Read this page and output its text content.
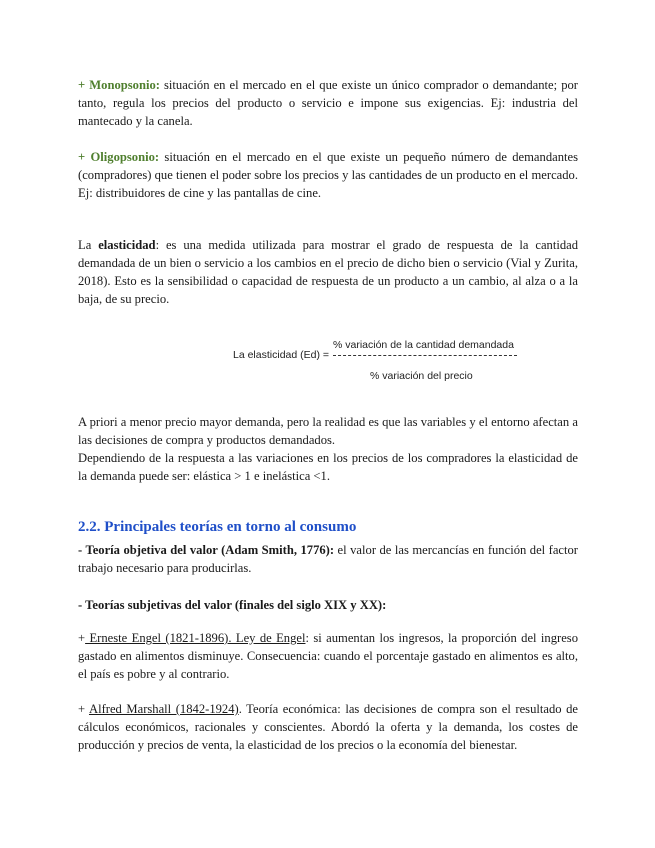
+ Monopsonio: situación en el mercado en el que existe un único comprador o demandante; por tanto, regula los precios del producto o servicio e impone sus exigencias. Ej: industria del mantecado y la canela.

+ Oligopsonio: situación en el mercado en el que existe un pequeño número de demandantes (compradores) que tienen el poder sobre los precios y las cantidades de un producto en el mercado. Ej: distribuidores de cine y las pantallas de cine.

La elasticidad: es una medida utilizada para mostrar el grado de respuesta de la cantidad demandada de un bien o servicio a los cambios en el precio de dicho bien o servicio (Vial y Zurita, 2018). Esto es la sensibilidad o capacidad de respuesta de un producto a un cambio, al alza o a la baja, de su precio.

% variación de la cantidad demandada
La elasticidad (Ed) =
% variación del precio

A priori a menor precio mayor demanda, pero la realidad es que las variables y el entorno afectan a las decisiones de compra y productos demandados.
Dependiendo de la respuesta a las variaciones en los precios de los compradores la elasticidad de la demanda puede ser: elástica > 1 e inelástica <1.

2.2. Principales teorías en torno al consumo

- Teoría objetiva del valor (Adam Smith, 1776): el valor de las mercancías en función del factor trabajo necesario para producirlas.

- Teorías subjetivas del valor (finales del siglo XIX y XX):

+ Erneste Engel (1821-1896). Ley de Engel: si aumentan los ingresos, la proporción del ingreso gastado en alimentos disminuye. Consecuencia: cuando el porcentaje gastado en alimentos es alto, el país es pobre y al contrario.

+ Alfred Marshall (1842-1924). Teoría económica: las decisiones de compra son el resultado de cálculos económicos, racionales y conscientes. Abordó la oferta y la demanda, los costes de producción y precios de venta, la elasticidad de los precios o la economía del bienestar.
